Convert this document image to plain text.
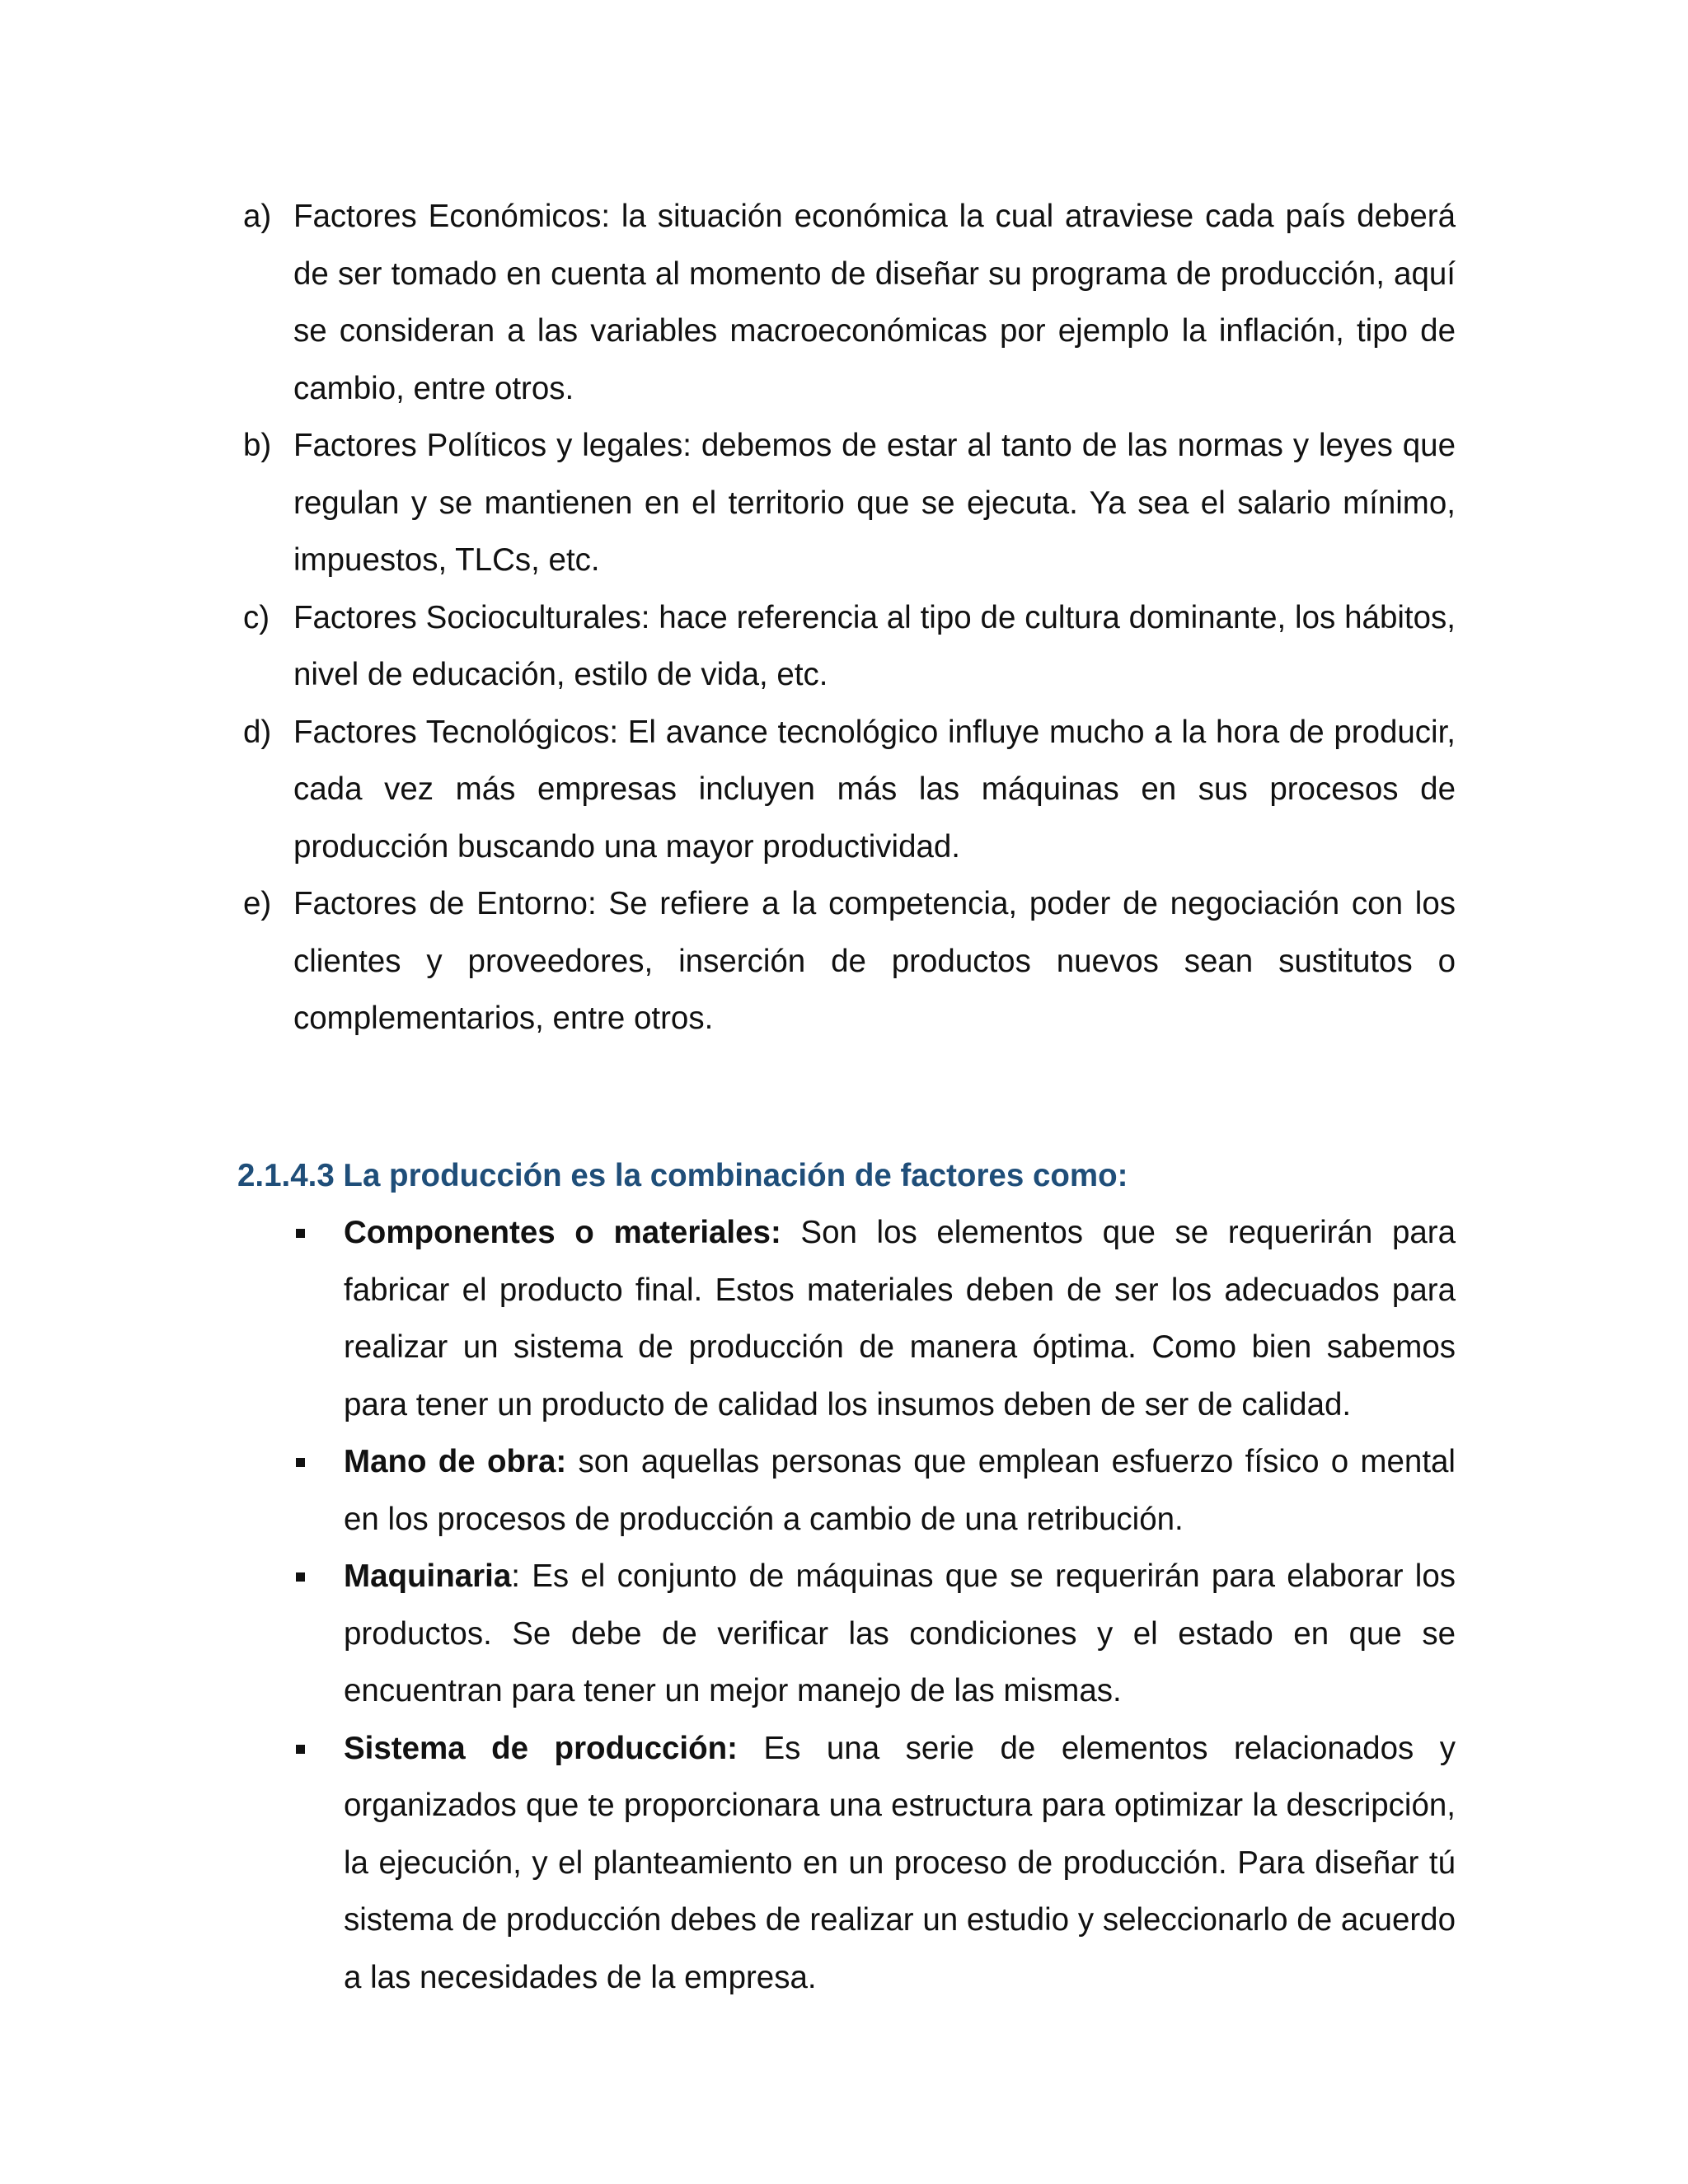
a) Factores Económicos: la situación económica la cual atraviese cada país deberá de ser tomado en cuenta al momento de diseñar su programa de producción, aquí se consideran a las variables macroeconómicas por ejemplo la inflación, tipo de cambio, entre otros.
b) Factores Políticos y legales: debemos de estar al tanto de las normas y leyes que regulan y se mantienen en el territorio que se ejecuta. Ya sea el salario mínimo, impuestos, TLCs, etc.
c) Factores Socioculturales: hace referencia al tipo de cultura dominante, los hábitos, nivel de educación, estilo de vida, etc.
d) Factores Tecnológicos: El avance tecnológico influye mucho a la hora de producir, cada vez más empresas incluyen más las máquinas en sus procesos de producción buscando una mayor productividad.
e) Factores de Entorno: Se refiere a la competencia, poder de negociación con los clientes y proveedores, inserción de productos nuevos sean sustitutos o complementarios, entre otros.
2.1.4.3 La producción es la combinación de factores como:
Componentes o materiales: Son los elementos que se requerirán para fabricar el producto final. Estos materiales deben de ser los adecuados para realizar un sistema de producción de manera óptima. Como bien sabemos para tener un producto de calidad los insumos deben de ser de calidad.
Mano de obra: son aquellas personas que emplean esfuerzo físico o mental en los procesos de producción a cambio de una retribución.
Maquinaria: Es el conjunto de máquinas que se requerirán para elaborar los productos. Se debe de verificar las condiciones y el estado en que se encuentran para tener un mejor manejo de las mismas.
Sistema de producción: Es una serie de elementos relacionados y organizados que te proporcionara una estructura para optimizar la descripción, la ejecución, y el planteamiento en un proceso de producción. Para diseñar tú sistema de producción debes de realizar un estudio y seleccionarlo de acuerdo a las necesidades de la empresa.
